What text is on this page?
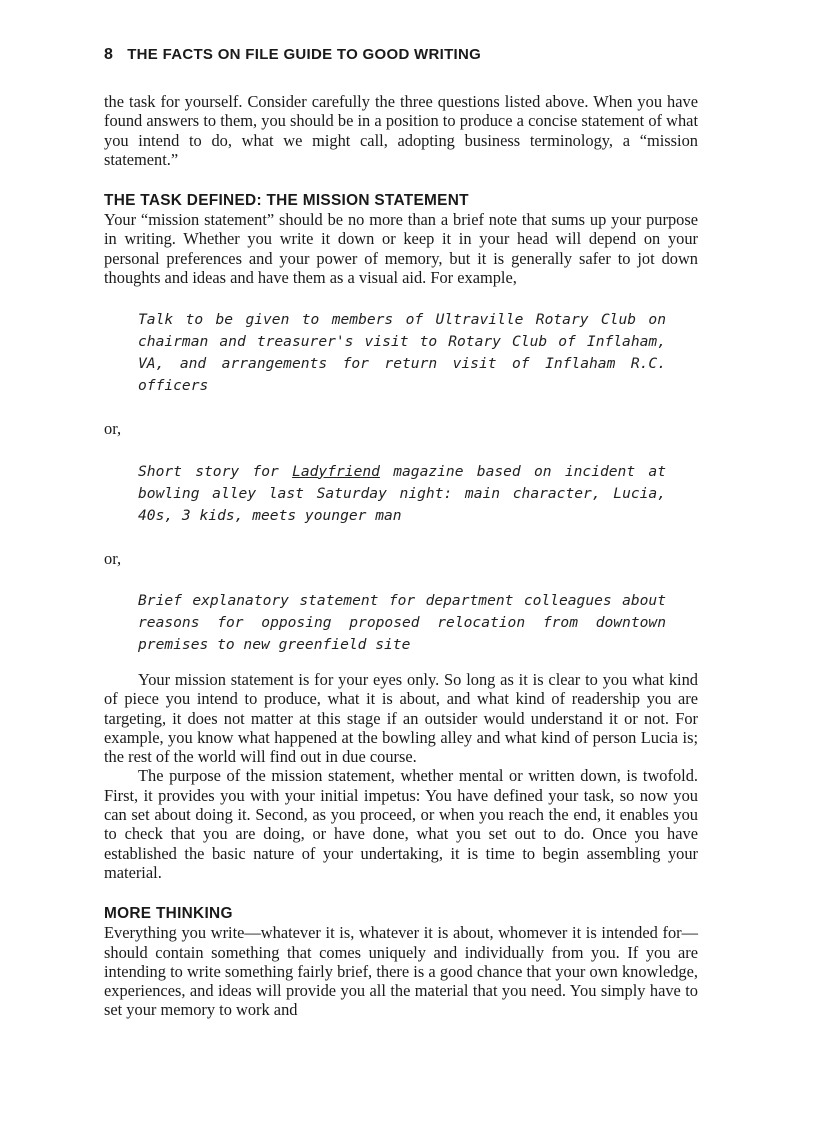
8 THE FACTS ON FILE GUIDE TO GOOD WRITING

the task for yourself. Consider carefully the three questions listed above. When you have found answers to them, you should be in a position to produce a concise statement of what you intend to do, what we might call, adopting business terminology, a “mission statement.”

THE TASK DEFINED: THE MISSION STATEMENT

Your “mission statement” should be no more than a brief note that sums up your purpose in writing. Whether you write it down or keep it in your head will depend on your personal preferences and your power of memory, but it is generally safer to jot down thoughts and ideas and have them as a visual aid. For example,

Talk to be given to members of Ultraville Rotary Club on chairman and treasurer's visit to Rotary Club of Inflaham, VA, and arrangements for return visit of Inflaham R.C. officers

or,

Short story for Ladyfriend magazine based on incident at bowling alley last Saturday night: main character, Lucia, 40s, 3 kids, meets younger man

or,

Brief explanatory statement for department colleagues about reasons for opposing proposed relocation from downtown premises to new greenfield site

Your mission statement is for your eyes only. So long as it is clear to you what kind of piece you intend to produce, what it is about, and what kind of readership you are targeting, it does not matter at this stage if an outsider would understand it or not. For example, you know what happened at the bowling alley and what kind of person Lucia is; the rest of the world will find out in due course.

The purpose of the mission statement, whether mental or written down, is twofold. First, it provides you with your initial impetus: You have defined your task, so now you can set about doing it. Second, as you proceed, or when you reach the end, it enables you to check that you are doing, or have done, what you set out to do. Once you have established the basic nature of your undertaking, it is time to begin assembling your material.

MORE THINKING

Everything you write—whatever it is, whatever it is about, whomever it is intended for—should contain something that comes uniquely and individually from you. If you are intending to write something fairly brief, there is a good chance that your own knowledge, experiences, and ideas will provide you all the material that you need. You simply have to set your memory to work and
